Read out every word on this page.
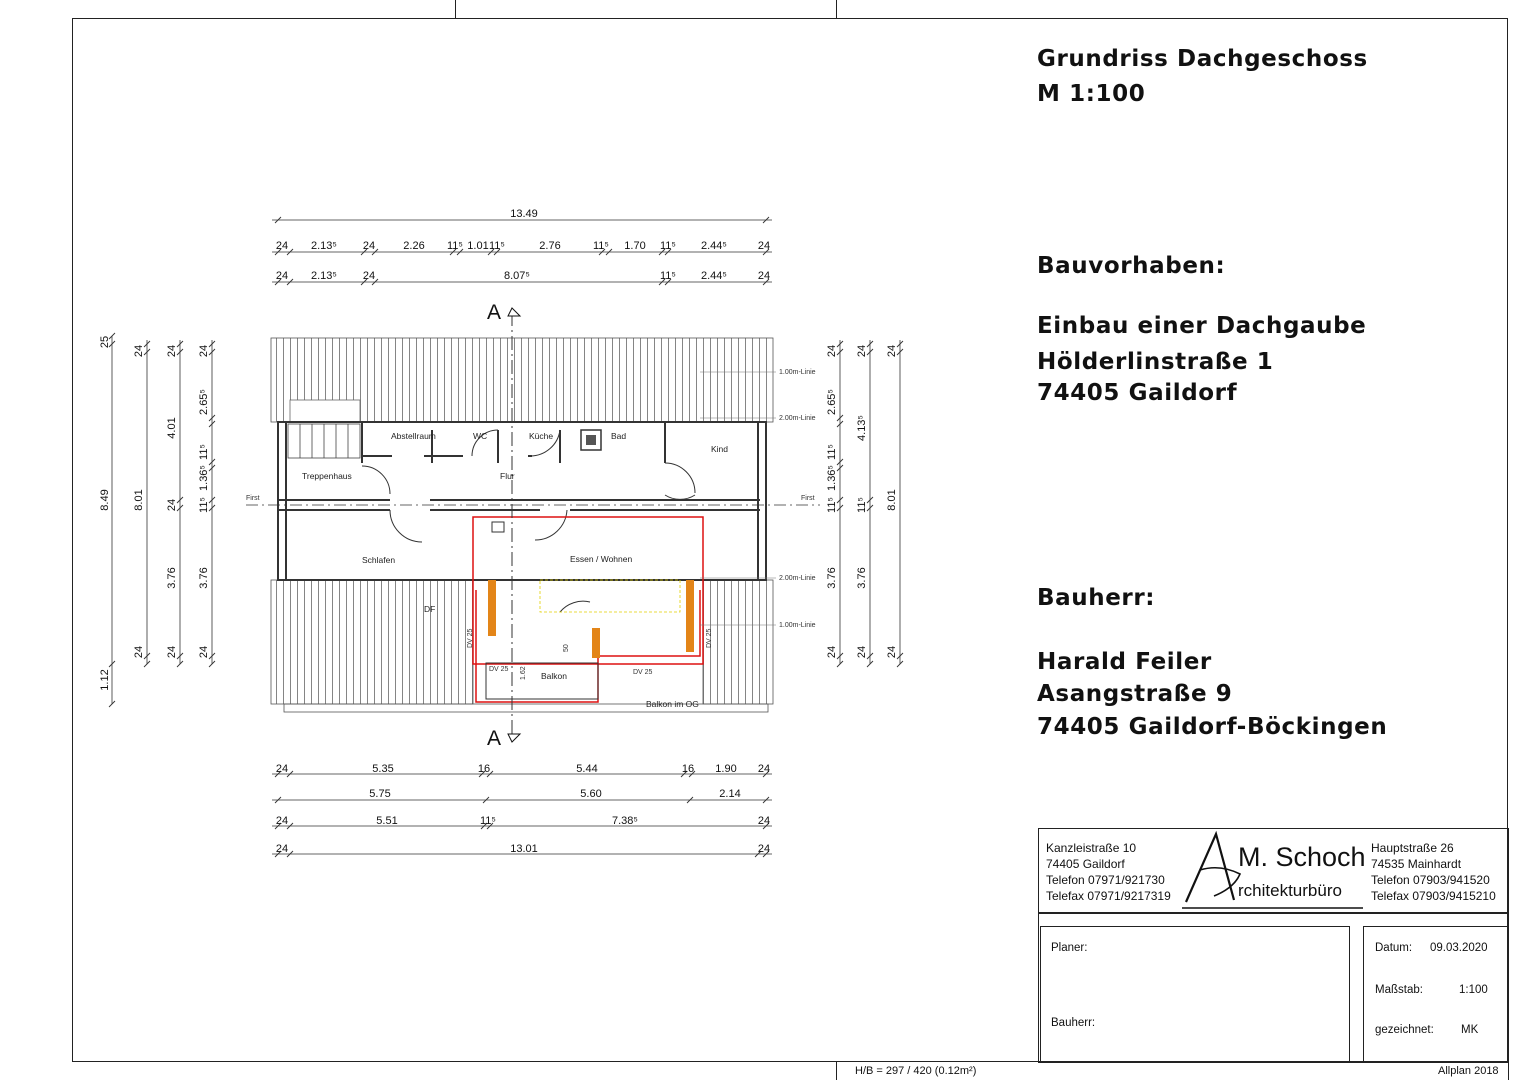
Grundriss Dachgeschoss
M 1:100
Bauvorhaben:
Einbau einer Dachgaube
Hölderlinstraße 1
74405 Gaildorf
Bauherr:
Harald Feiler
Asangstraße 9
74405 Gaildorf-Böckingen
Kanzleistraße 10
74405 Gaildorf
Telefon 07971/921730
Telefax 07971/9217319
Hauptstraße 26
74535 Mainhardt
Telefon 07903/941520
Telefax 07903/9415210
M. Schoch
rchitekturbüro
Planer:
Bauherr:
Datum: 09.03.2020
Maßstab:	1:100
gezeichnet: MK
H/B = 297 / 420 (0.12m²)	Allplan 2018
A
A
Abstellraum	WC	Küche	Bad
Kind
Treppenhaus	Flur
Schlafen	Essen / Wohnen
DF
Balkon
Balkon im OG
First	First
1.00m-Linie
2.00m-Linie
2.00m-Linie
1.00m-Linie
DV 25	DV 25
DV 25	DV 25
50
1.62
13.49
24 2.13⁵ 24	2.26 11⁵ 1.01 11⁵	2.76	11⁵ 1.70 11⁵ 2.44⁵	24
24 2.13⁵ 24	8.07⁵	11⁵ 2.44⁵	24
24	5.35	16	5.44	16 1.90 24
5.75	5.60	2.14
24	5.51	11⁵	7.38⁵	24
24	13.01	24
25
8.49
1.12
24
8.01
24
24
4.01
24
3.76
24
24
2.65⁵
11⁵
1.36⁵
11⁵
3.76
24
24
2.65⁵
11⁵
1.36⁵
11⁵
3.76
24
24
4.13⁵
11⁵
3.76
24
24
8.01
24
